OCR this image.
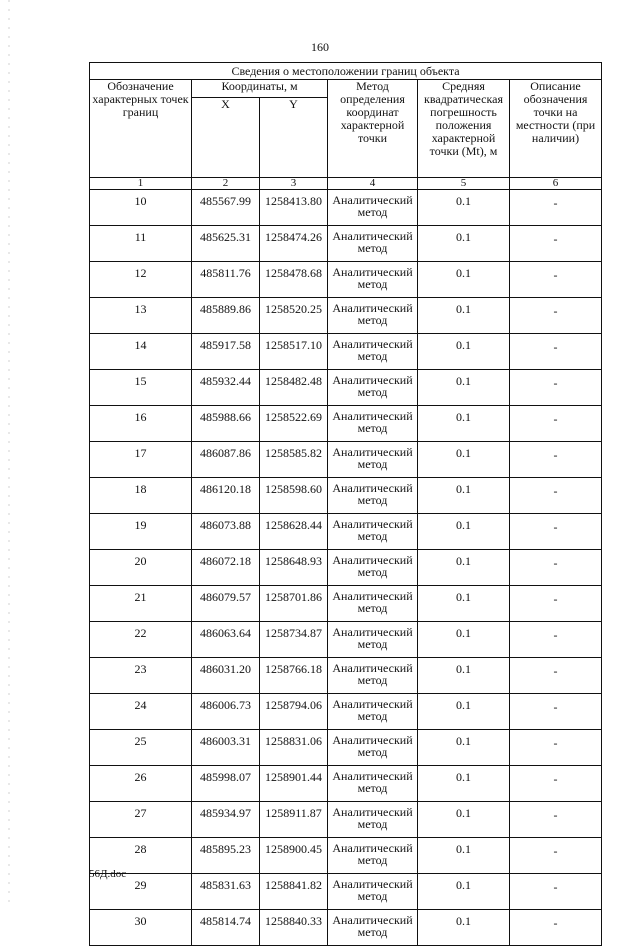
160
Сведения о местоположении границ объекта					
Обозначение характерных точек границ	Координаты, м		Метод определения координат характерной точки	Средняя квадратическая погрешность положения характерной точки (Mt), м	Описание обозначения точки на местности (при наличии)
	X	Y			
1	2	3	4	5	6
10	485567.99	1258413.80	Аналитический метод	0.1	-
11	485625.31	1258474.26	Аналитический метод	0.1	-
12	485811.76	1258478.68	Аналитический метод	0.1	-
13	485889.86	1258520.25	Аналитический метод	0.1	-
14	485917.58	1258517.10	Аналитический метод	0.1	-
15	485932.44	1258482.48	Аналитический метод	0.1	-
16	485988.66	1258522.69	Аналитический метод	0.1	-
17	486087.86	1258585.82	Аналитический метод	0.1	-
18	486120.18	1258598.60	Аналитический метод	0.1	-
19	486073.88	1258628.44	Аналитический метод	0.1	-
20	486072.18	1258648.93	Аналитический метод	0.1	-
21	486079.57	1258701.86	Аналитический метод	0.1	-
22	486063.64	1258734.87	Аналитический метод	0.1	-
23	486031.20	1258766.18	Аналитический метод	0.1	-
24	486006.73	1258794.06	Аналитический метод	0.1	-
25	486003.31	1258831.06	Аналитический метод	0.1	-
26	485998.07	1258901.44	Аналитический метод	0.1	-
27	485934.97	1258911.87	Аналитический метод	0.1	-
28	485895.23	1258900.45	Аналитический метод	0.1	-
29	485831.63	1258841.82	Аналитический метод	0.1	-
30	485814.74	1258840.33	Аналитический метод	0.1	-
56Д.doc
